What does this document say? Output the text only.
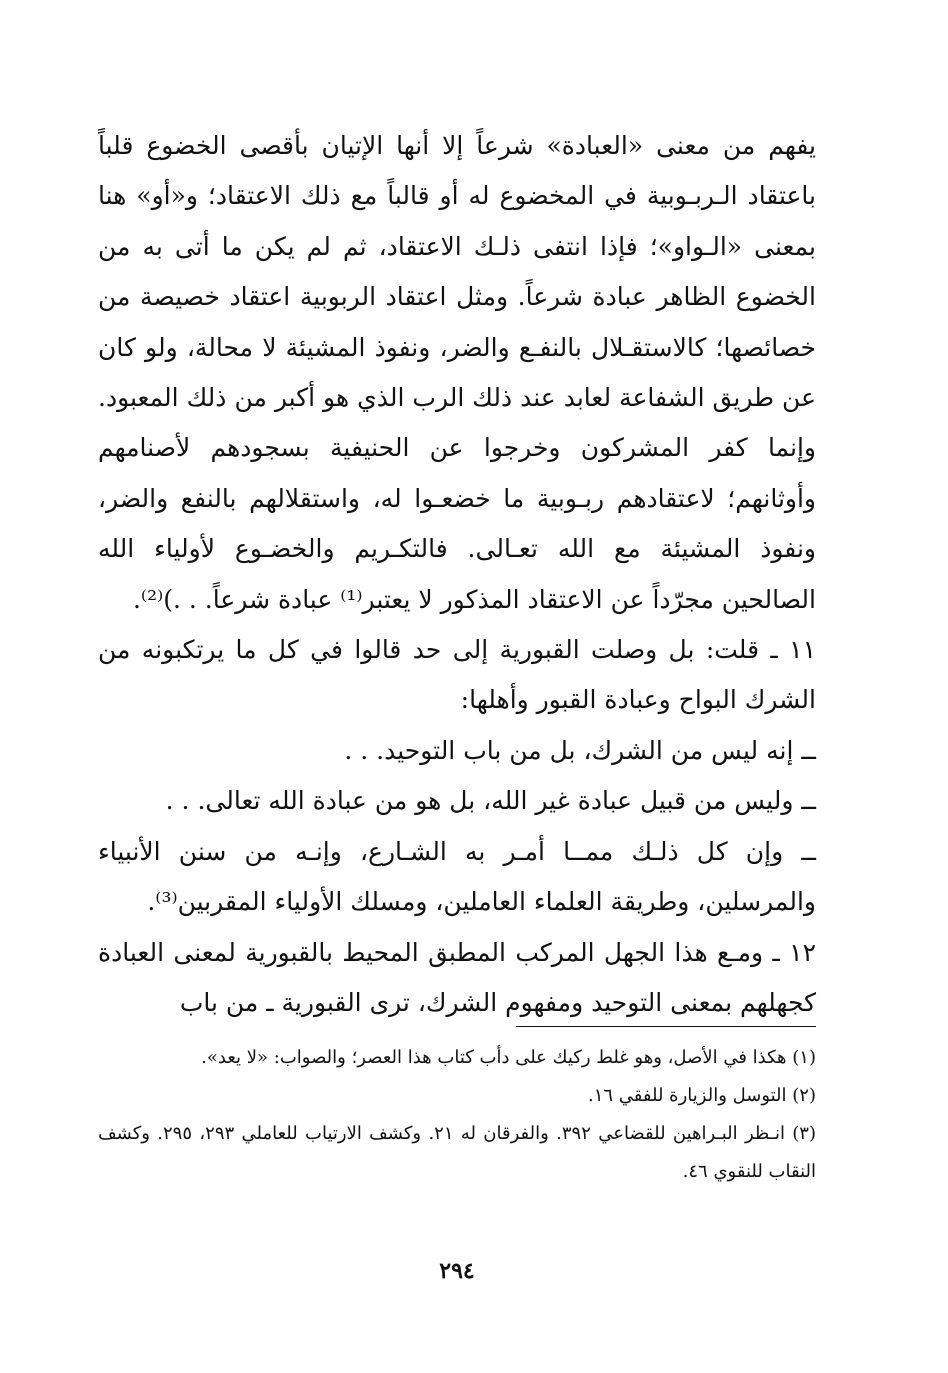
يفهم من معنى «العبادة» شرعاً إلا أنها الإتيان بأقصى الخضوع قلباً باعتقاد الـربـوبية في المخضوع له أو قالباً مع ذلك الاعتقاد؛ و«أو» هنا بمعنى «الـواو»؛ فإذا انتفى ذلـك الاعتقاد، ثم لم يكن ما أتى به من الخضوع الظاهر عبادة شرعاً. ومثل اعتقاد الربوبية اعتقاد خصيصة من خصائصها؛ كالاستقـلال بالنفـع والضر، ونفوذ المشيئة لا محالة، ولو كان عن طريق الشفاعة لعابد عند ذلك الرب الذي هو أكبر من ذلك المعبود. وإنما كفر المشركون وخرجوا عن الحنيفية بسجودهم لأصنامهم وأوثانهم؛ لاعتقادهم ربـوبية ما خضعـوا له، واستقلالهم بالنفع والضر، ونفوذ المشيئة مع الله تعـالى. فالتكـريم والخضـوع لأولياء الله الصالحين مجرّداً عن الاعتقاد المذكور لا يعتبر⁽¹⁾ عبادة شرعاً. . .)⁽²⁾.

١١ ـ قلت: بل وصلت القبورية إلى حد قالوا في كل ما يرتكبونه من الشرك البواح وعبادة القبور وأهلها:

ــ إنه ليس من الشرك، بل من باب التوحيد. . .

ــ وليس من قبيل عبادة غير الله، بل هو من عبادة الله تعالى. . .

ــ وإن كل ذلـك ممــا أمـر به الشـارع، وإنـه من سنن الأنبياء والمرسلين، وطريقة العلماء العاملين، ومسلك الأولياء المقربين⁽³⁾.

١٢ ـ ومـع هذا الجهل المركب المطبق المحيط بالقبورية لمعنى العبادة كجهلهم بمعنى التوحيد ومفهوم الشرك، ترى القبورية ـ من باب

(١) هكذا في الأصل، وهو غلط ركيك على دأب كتاب هذا العصر؛ والصواب: «لا يعد».

(٢) التوسل والزيارة للفقي ١٦.

(٣) انـظر البـراهين للقضاعي ٣٩٢. والفرقان له ٢١. وكشف الارتياب للعاملي ٢٩٣، ٢٩٥. وكشف النقاب للنقوي ٤٦.

٢٩٤
